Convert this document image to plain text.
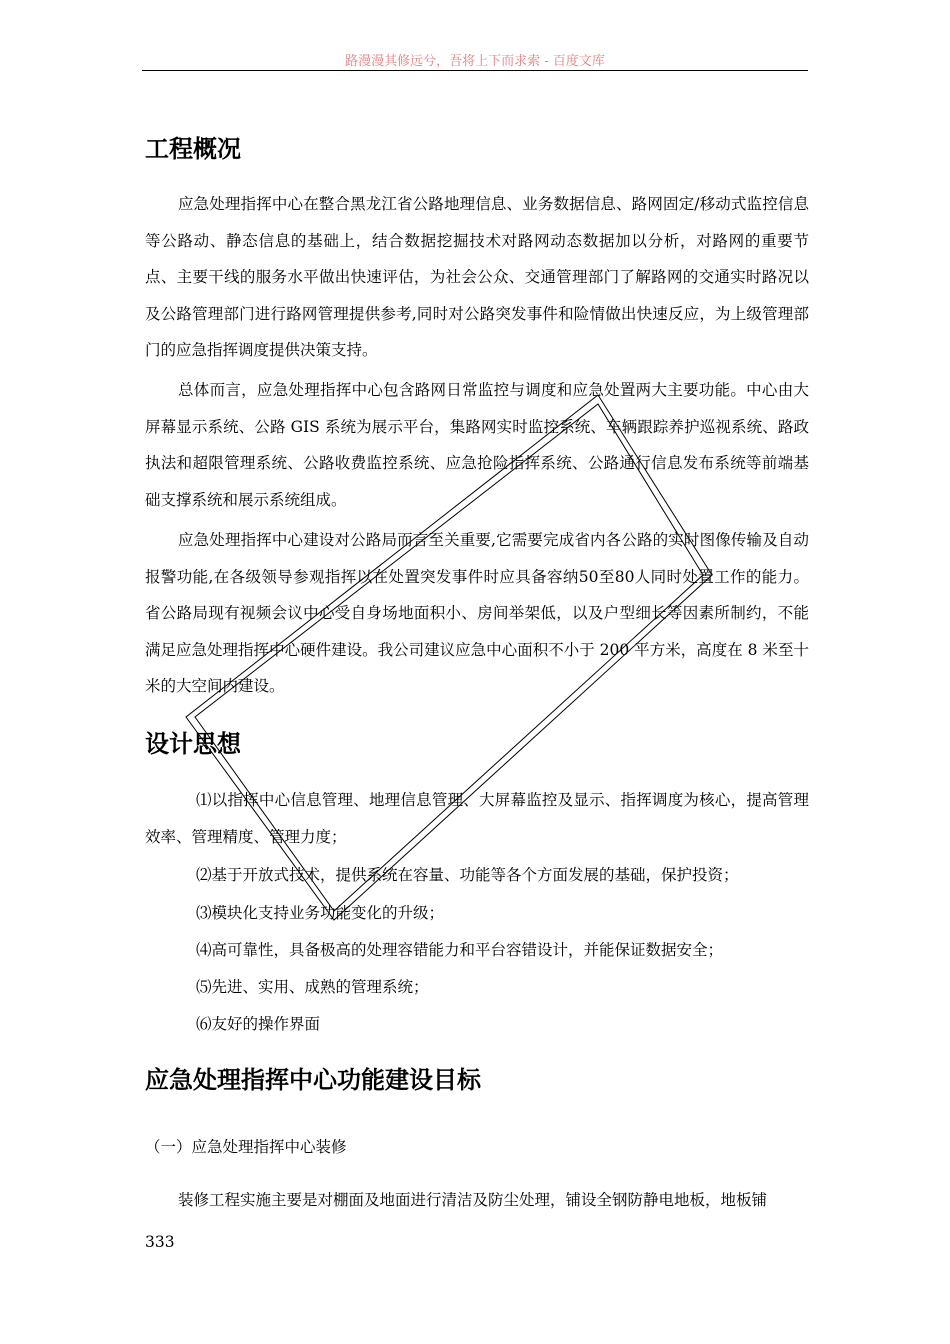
路漫漫其修远兮，吾将上下而求索 - 百度文库
工程概况

应急处理指挥中心在整合黑龙江省公路地理信息、业务数据信息、路网固定/移动式监控信息等公路动、静态信息的基础上，结合数据挖掘技术对路网动态数据加以分析，对路网的重要节点、主要干线的服务水平做出快速评估，为社会公众、交通管理部门了解路网的交通实时路况以及公路管理部门进行路网管理提供参考,同时对公路突发事件和险情做出快速反应，为上级管理部门的应急指挥调度提供决策支持。

总体而言，应急处理指挥中心包含路网日常监控与调度和应急处置两大主要功能。中心由大屏幕显示系统、公路 GIS 系统为展示平台，集路网实时监控系统、车辆跟踪养护巡视系统、路政执法和超限管理系统、公路收费监控系统、应急抢险指挥系统、公路通行信息发布系统等前端基础支撑系统和展示系统组成。

应急处理指挥中心建设对公路局而言至关重要,它需要完成省内各公路的实时图像传输及自动报警功能,在各级领导参观指挥以在处置突发事件时应具备容纳50至80人同时处置工作的能力。省公路局现有视频会议中心受自身场地面积小、房间举架低，以及户型细长等因素所制约，不能满足应急处理指挥中心硬件建设。我公司建议应急中心面积不小于 200 平方米，高度在 8 米至十米的大空间内建设。

设计思想

⑴以指挥中心信息管理、地理信息管理、大屏幕监控及显示、指挥调度为核心，提高管理效率、管理精度、管理力度；

⑵基于开放式技术，提供系统在容量、功能等各个方面发展的基础，保护投资；

⑶模块化支持业务功能变化的升级；

⑷高可靠性，具备极高的处理容错能力和平台容错设计，并能保证数据安全；

⑸先进、实用、成熟的管理系统；

⑹友好的操作界面

应急处理指挥中心功能建设目标

（一）应急处理指挥中心装修

装修工程实施主要是对棚面及地面进行清洁及防尘处理，铺设全钢防静电地板，地板铺

333
